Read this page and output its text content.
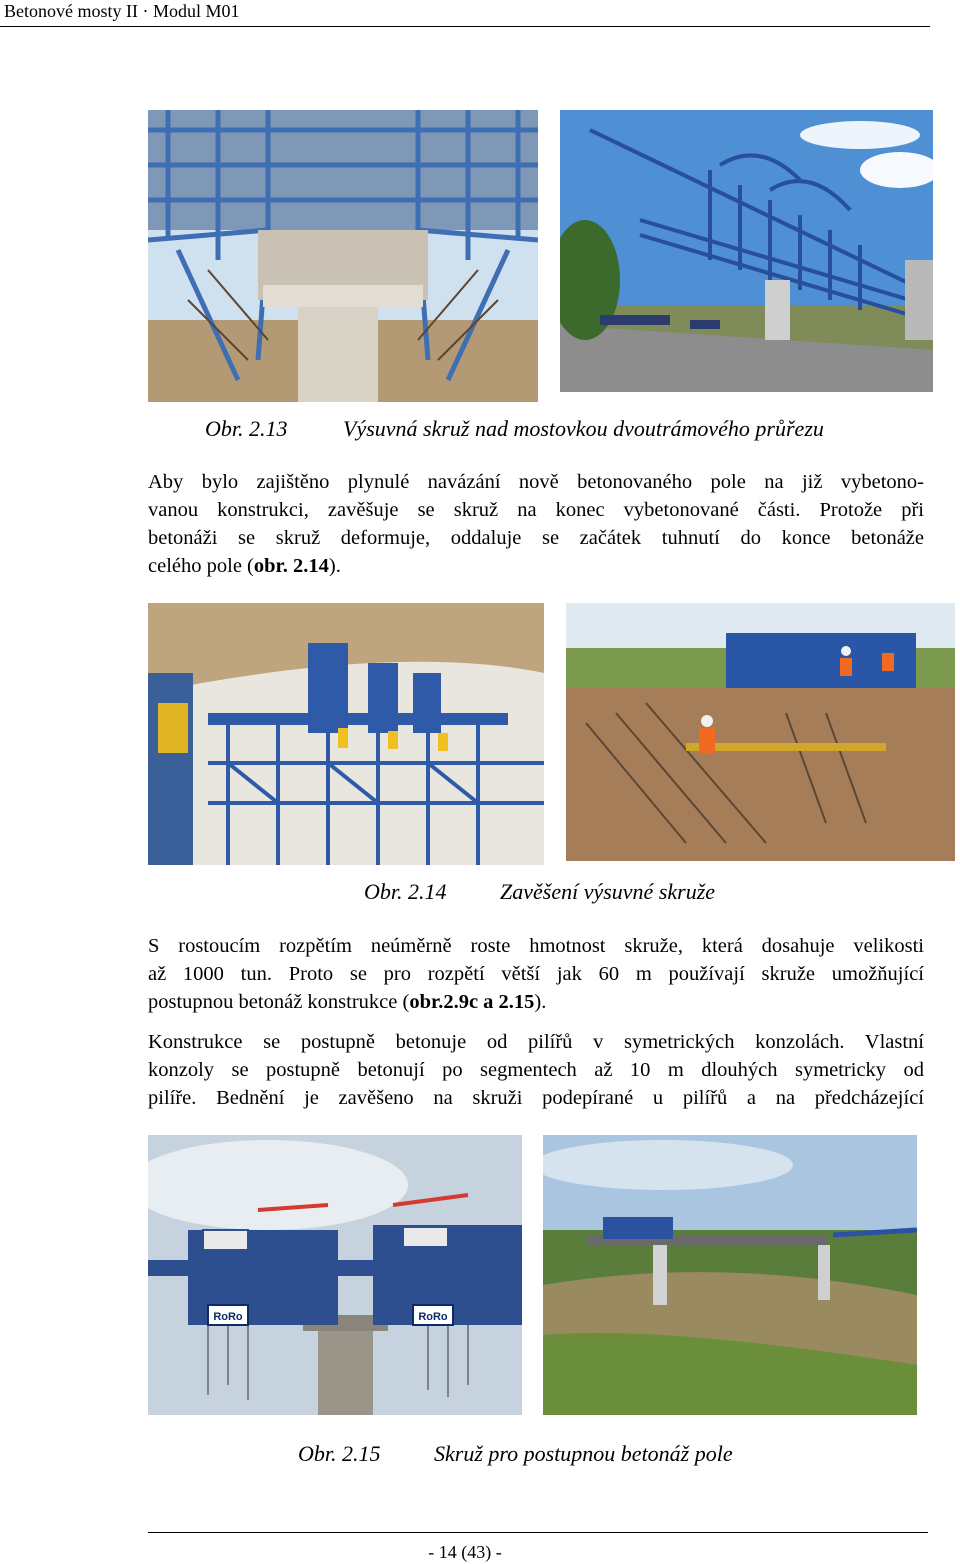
Betonové mosty II · Modul M01
Obr. 2.13	Výsuvná skruž nad mostovkou dvoutrámového průřezu
Aby bylo zajištěno plynulé navázání nově betonovaného pole na již vybetono-
vanou konstrukci, zavěšuje se skruž na konec vybetonované části. Protože při
betonáži se skruž deformuje, oddaluje se začátek tuhnutí do konce betonáže
celého pole (obr. 2.14).
Obr. 2.14 Zavěšení výsuvné skruže
S rostoucím rozpětím neúměrně roste hmotnost skruže, která dosahuje velikosti
až 1000 tun. Proto se pro rozpětí větší jak 60 m používají skruže umožňující
postupnou betonáž konstrukce (obr.2.9c a 2.15).
Konstrukce se postupně betonuje od pilířů v symetrických konzolách. Vlastní
konzoly se postupně betonují po segmentech až 10 m dlouhých symetricky od
pilíře. Bednění je zavěšeno na skruži podepírané u pilířů a na předcházející
RoRo	RoRo
Obr. 2.15 Skruž pro postupnou betonáž pole
- 14 (43) -
